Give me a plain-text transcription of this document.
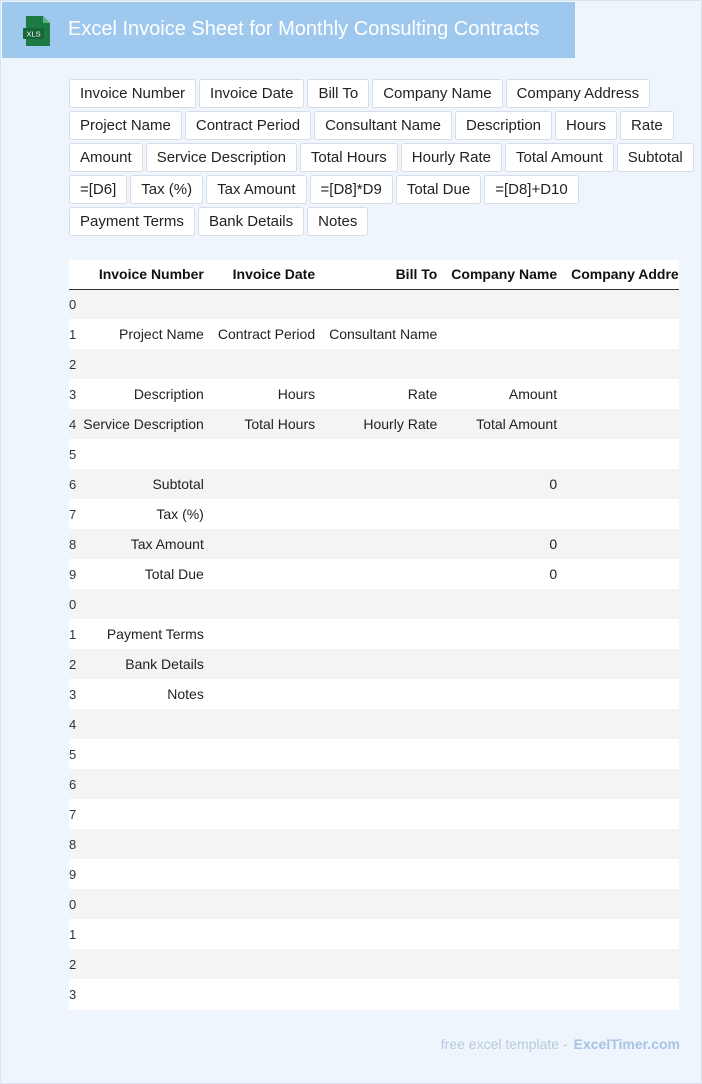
XLS Excel Invoice Sheet for Monthly Consulting Contracts
Invoice Number	Invoice Date	Bill To	Company Name	Company Address
Project Name	Contract Period	Consultant Name	Description	Hours	Rate
Amount	Service Description	Total Hours	Hourly Rate	Total Amount	Subtotal
=[D6]	Tax (%)	Tax Amount	=[D8]*D9	Total Due	=[D8]+D10
Payment Terms	Bank Details	Notes
	Invoice Number	Invoice Date	Bill To	Company Name	Company Addre
0					
1	Project Name	Contract Period	Consultant Name		
2					
3	Description	Hours	Rate	Amount	
4	Service Description	Total Hours	Hourly Rate	Total Amount	
5					
6	Subtotal			0	
7	Tax (%)				
8	Tax Amount			0	
9	Total Due			0	
0					
1	Payment Terms				
2	Bank Details				
3	Notes				
4					
5					
6					
7					
8					
9					
0					
1					
2					
3					
free excel template - ExcelTimer.com
